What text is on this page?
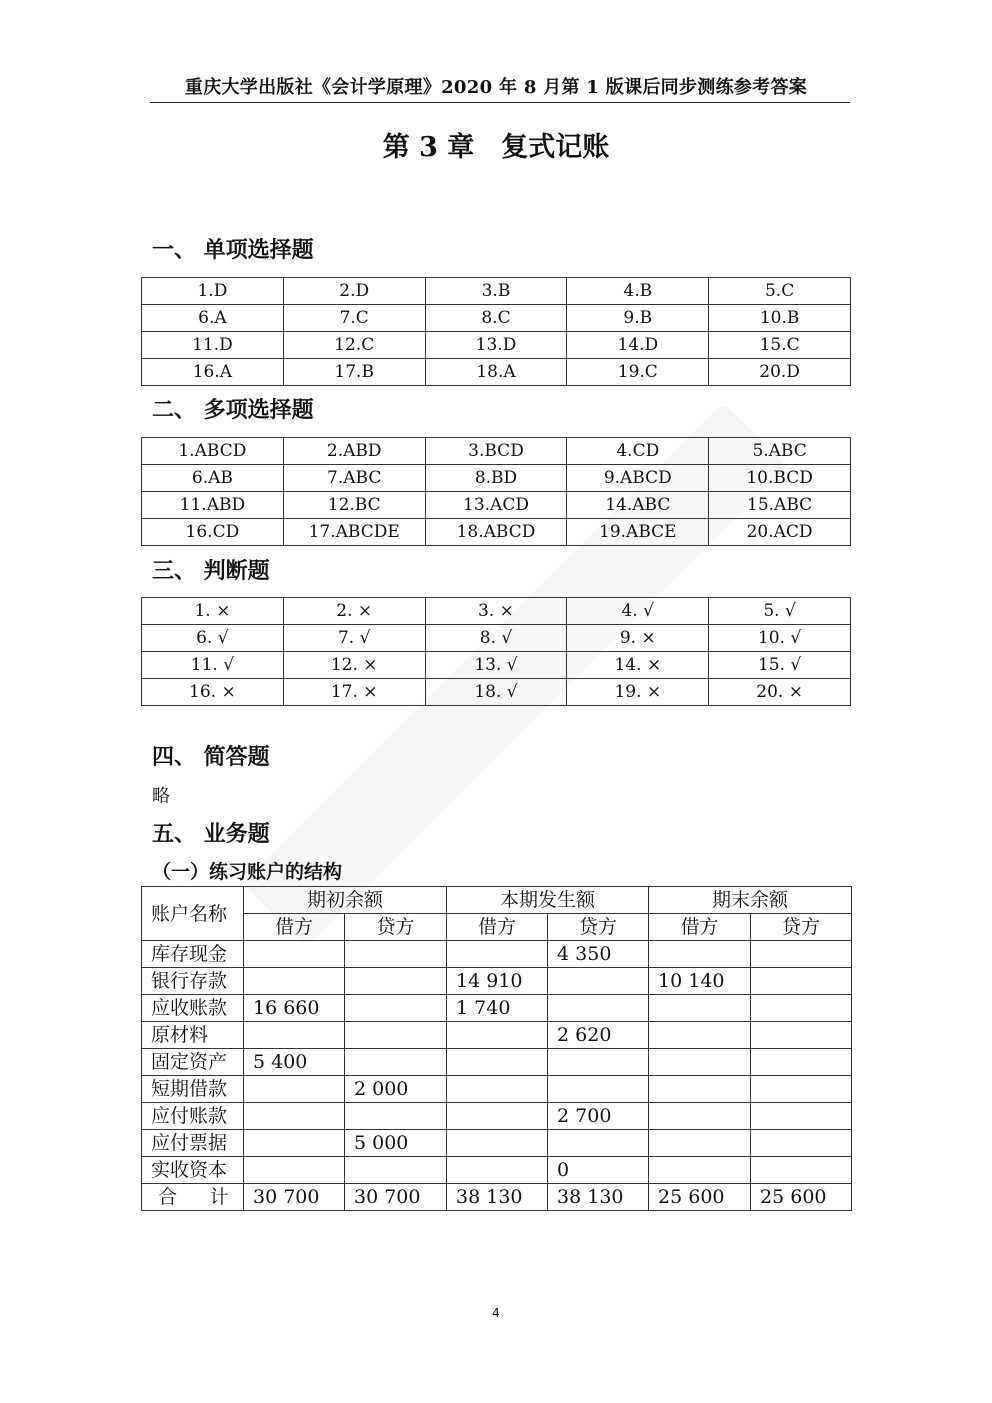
重庆大学出版社《会计学原理》2020 年 8 月第 1 版课后同步测练参考答案
第 3 章　复式记账
一、 单项选择题
1.D	2.D	3.B	4.B	5.C
6.A	7.C	8.C	9.B	10.B
11.D	12.C	13.D	14.D	15.C
16.A	17.B	18.A	19.C	20.D
二、 多项选择题
1.ABCD	2.ABD	3.BCD	4.CD	5.ABC
6.AB	7.ABC	8.BD	9.ABCD	10.BCD
11.ABD	12.BC	13.ACD	14.ABC	15.ABC
16.CD	17.ABCDE	18.ABCD	19.ABCE	20.ACD
三、 判断题
1. ×	2. ×	3. ×	4. √	5. √
6. √	7. √	8. √	9. ×	10. √
11. √	12. ×	13. √	14. ×	15. √
16. ×	17. ×	18. √	19. ×	20. ×
四、 简答题
略
五、 业务题
（一）练习账户的结构
账户名称	期初余额		本期发生额		期末余额	
	借方	贷方	借方	贷方	借方	贷方
库存现金				4 350		
银行存款			14 910		10 140	
应收账款	16 660		1 740			
原材料				2 620		
固定资产	5 400					
短期借款		2 000				
应付账款				2 700		
应付票据		5 000				
实收资本				0		
合 计	30 700	30 700	38 130	38 130	25 600	25 600
4
